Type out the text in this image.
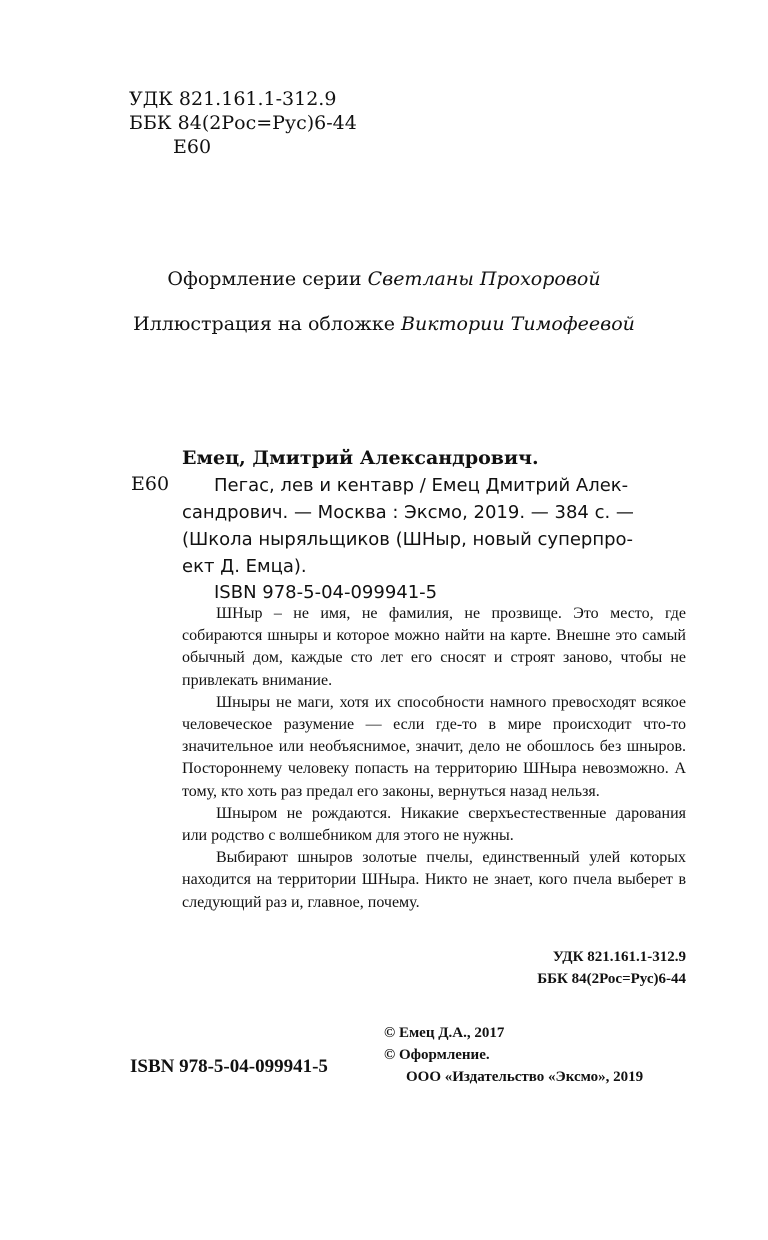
УДК 821.161.1-312.9
ББК 84(2Рос=Рус)6-44
Е60
Оформление серии Светланы Прохоровой
Иллюстрация на обложке Виктории Тимофеевой
Емец, Дмитрий Александрович.
Е60 Пегас, лев и кентавр / Емец Дмитрий Алек-
сандрович. — Москва : Эксмо, 2019. — 384 с. —
(Школа ныряльщиков (ШНыр, новый суперпро-
ект Д. Емца).
ISBN 978-5-04-099941-5

ШНыр – не имя, не фамилия, не прозвище. Это место, где собираются шныры и которое можно найти на карте. Внешне это самый обычный дом, каждые сто лет его сносят и строят заново, чтобы не привлекать внимание.

Шныры не маги, хотя их способности намного превосходят всякое человеческое разумение — если где-то в мире происходит что-то значительное или необъяснимое, значит, дело не обошлось без шныров. Постороннему человеку попасть на территорию ШНыра невозможно. А тому, кто хоть раз предал его законы, вернуться назад нельзя.

Шныром не рождаются. Никакие сверхъестественные дарования или родство с волшебником для этого не нужны.

Выбирают шныров золотые пчелы, единственный улей которых находится на территории ШНыра. Никто не знает, кого пчела выберет в следующий раз и, главное, почему.

УДК 821.161.1-312.9
ББК 84(2Рос=Рус)6-44
© Емец Д.А., 2017
© Оформление.
ООО «Издательство «Эксмо», 2019
ISBN 978-5-04-099941-5
